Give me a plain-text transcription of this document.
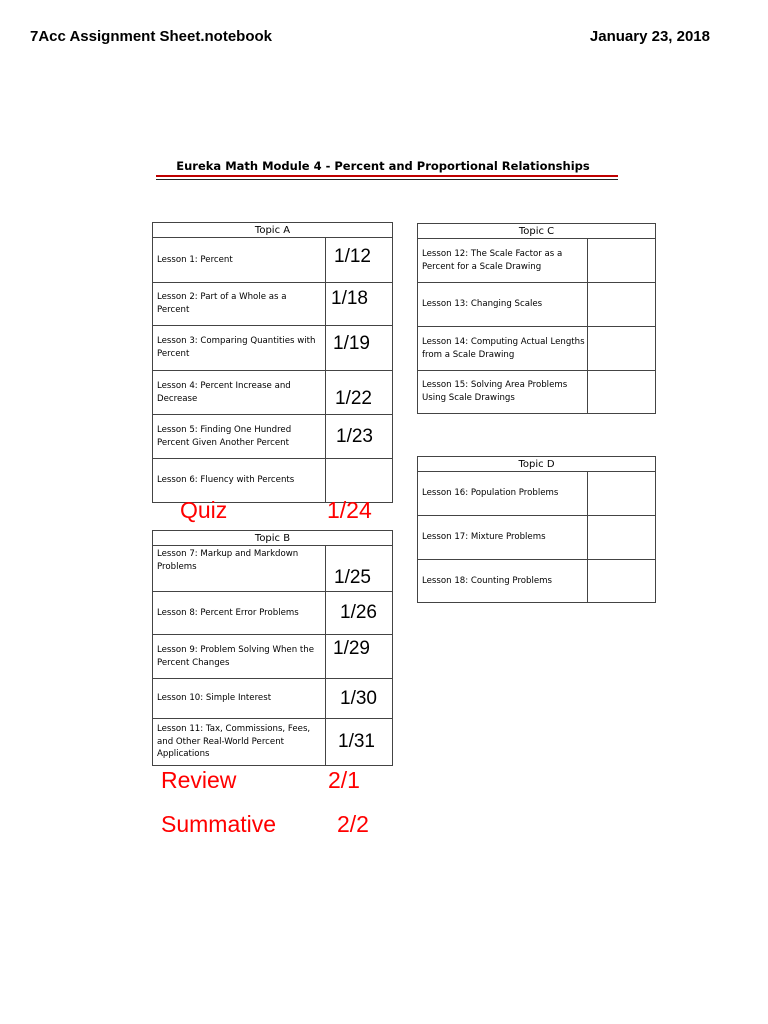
7Acc Assignment Sheet.notebook	January 23, 2018
Eureka Math Module 4 - Percent and Proportional Relationships
Topic A	
Lesson 1: Percent	1/12
Lesson 2: Part of a Whole as a Percent	1/18
Lesson 3: Comparing Quantities with Percent	1/19
Lesson 4: Percent Increase and Decrease	1/22
Lesson 5: Finding One Hundred Percent Given Another Percent	1/23
Lesson 6: Fluency with Percents	
Quiz	1/24
Topic B	
Lesson 7: Markup and Markdown Problems	1/25
Lesson 8: Percent Error Problems	1/26
Lesson 9: Problem Solving When the Percent Changes	1/29
Lesson 10: Simple Interest	1/30
Lesson 11: Tax, Commissions, Fees, and Other Real-World Percent Applications	1/31
Review	2/1
Summative	2/2
Topic C	
Lesson 12: The Scale Factor as a Percent for a Scale Drawing	
Lesson 13: Changing Scales	
Lesson 14: Computing Actual Lengths from a Scale Drawing	
Lesson 15: Solving Area Problems Using Scale Drawings	
Topic D	
Lesson 16: Population Problems	
Lesson 17: Mixture Problems	
Lesson 18: Counting Problems	
